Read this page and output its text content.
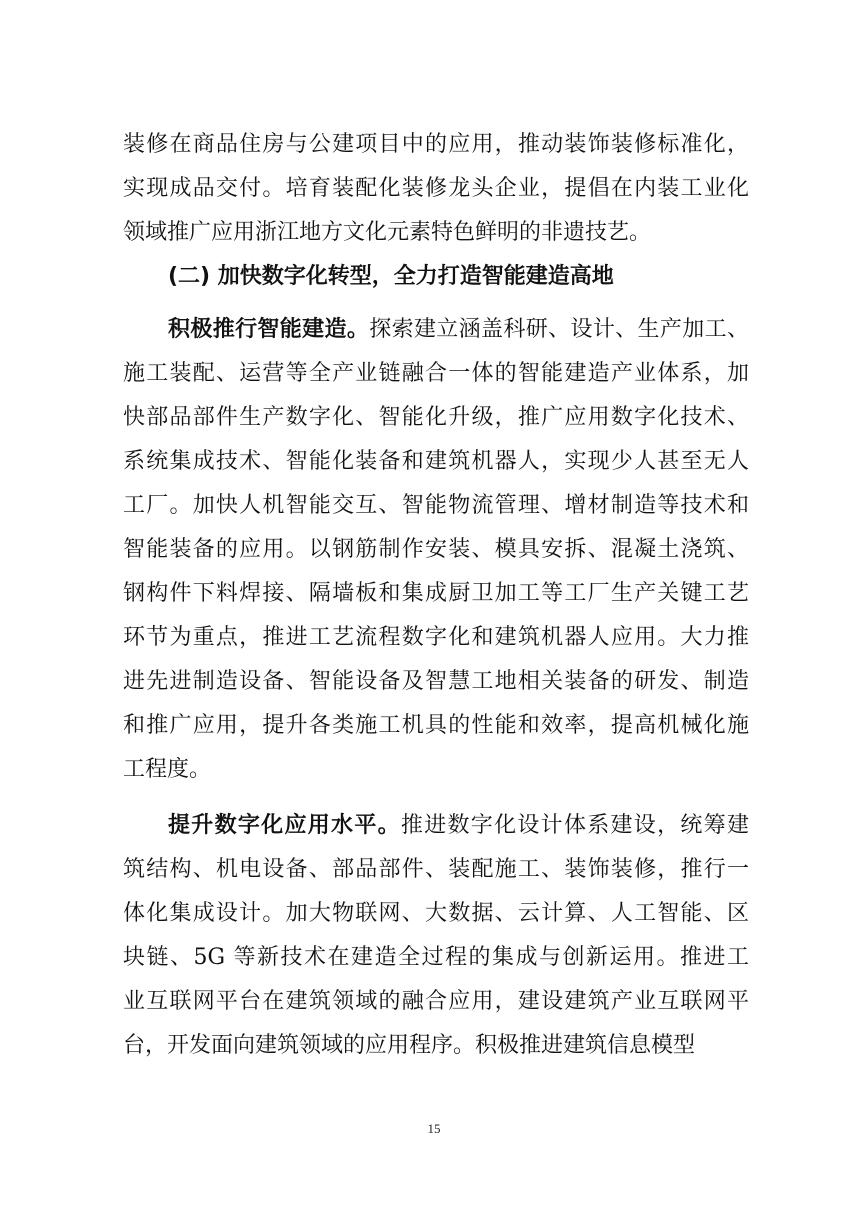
装修在商品住房与公建项目中的应用，推动装饰装修标准化，
实现成品交付。培育装配化装修龙头企业，提倡在内装工业化
领域推广应用浙江地方文化元素特色鲜明的非遗技艺。
(二) 加快数字化转型，全力打造智能建造高地
积极推行智能建造。探索建立涵盖科研、设计、生产加工、
施工装配、运营等全产业链融合一体的智能建造产业体系，加
快部品部件生产数字化、智能化升级，推广应用数字化技术、
系统集成技术、智能化装备和建筑机器人，实现少人甚至无人
工厂。加快人机智能交互、智能物流管理、增材制造等技术和
智能装备的应用。以钢筋制作安装、模具安拆、混凝土浇筑、
钢构件下料焊接、隔墙板和集成厨卫加工等工厂生产关键工艺
环节为重点，推进工艺流程数字化和建筑机器人应用。大力推
进先进制造设备、智能设备及智慧工地相关装备的研发、制造
和推广应用，提升各类施工机具的性能和效率，提高机械化施
工程度。
提升数字化应用水平。推进数字化设计体系建设，统筹建
筑结构、机电设备、部品部件、装配施工、装饰装修，推行一
体化集成设计。加大物联网、大数据、云计算、人工智能、区
块链、5G 等新技术在建造全过程的集成与创新运用。推进工
业互联网平台在建筑领域的融合应用，建设建筑产业互联网平
台，开发面向建筑领域的应用程序。积极推进建筑信息模型
15
